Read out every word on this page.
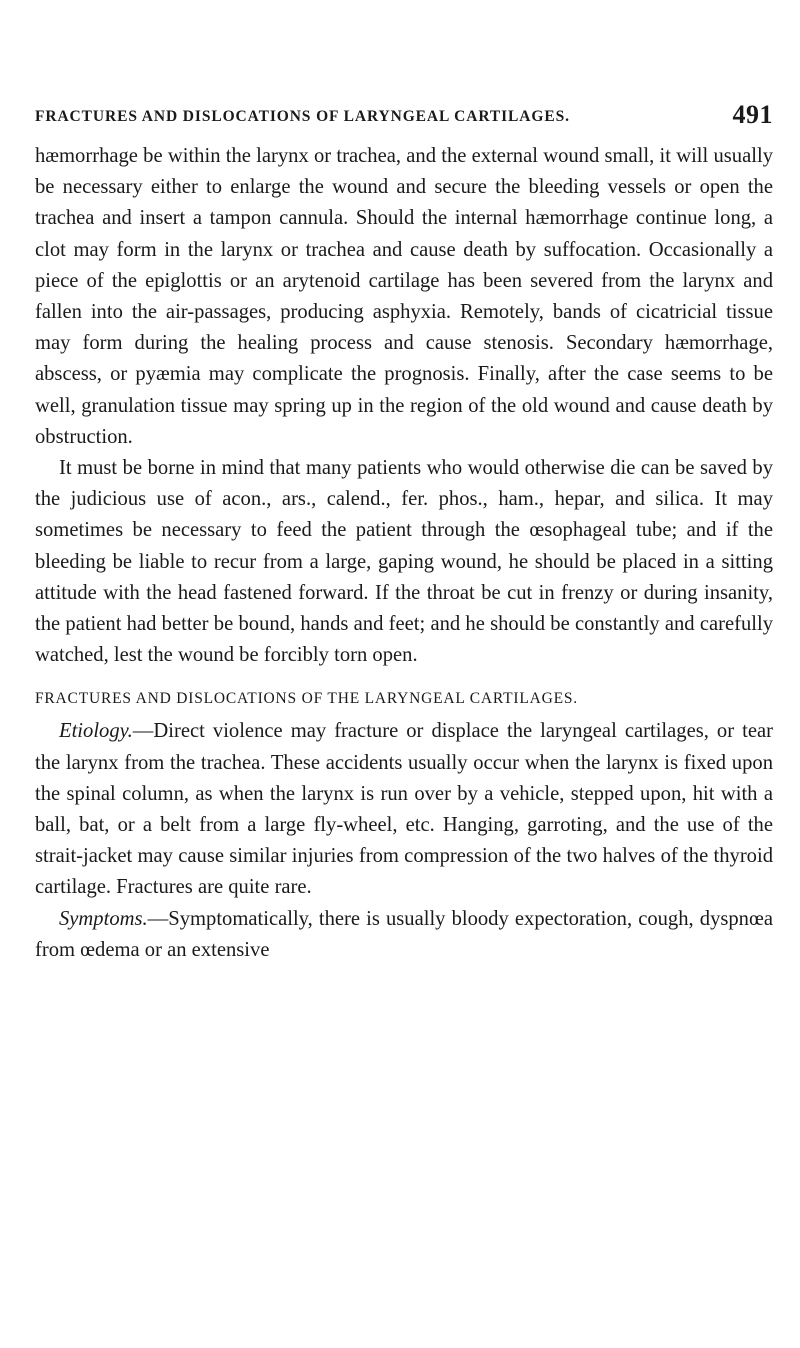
FRACTURES AND DISLOCATIONS OF LARYNGEAL CARTILAGES.	491

hæmorrhage be within the larynx or trachea, and the external wound small, it will usually be necessary either to enlarge the wound and secure the bleeding vessels or open the trachea and insert a tampon cannula. Should the internal hæmorrhage continue long, a clot may form in the larynx or trachea and cause death by suffocation. Occasionally a piece of the epiglottis or an arytenoid cartilage has been severed from the larynx and fallen into the air-passages, producing asphyxia. Remotely, bands of cicatricial tissue may form during the healing process and cause stenosis. Secondary hæmorrhage, abscess, or pyæmia may complicate the prognosis. Finally, after the case seems to be well, granulation tissue may spring up in the region of the old wound and cause death by obstruction.

It must be borne in mind that many patients who would otherwise die can be saved by the judicious use of acon., ars., calend., fer. phos., ham., hepar, and silica. It may sometimes be necessary to feed the patient through the œsophageal tube; and if the bleeding be liable to recur from a large, gaping wound, he should be placed in a sitting attitude with the head fastened forward. If the throat be cut in frenzy or during insanity, the patient had better be bound, hands and feet; and he should be constantly and carefully watched, lest the wound be forcibly torn open.

FRACTURES AND DISLOCATIONS OF THE LARYNGEAL CARTILAGES.

Etiology.—Direct violence may fracture or displace the laryngeal cartilages, or tear the larynx from the trachea. These accidents usually occur when the larynx is fixed upon the spinal column, as when the larynx is run over by a vehicle, stepped upon, hit with a ball, bat, or a belt from a large fly-wheel, etc. Hanging, garroting, and the use of the strait-jacket may cause similar injuries from compression of the two halves of the thyroid cartilage. Fractures are quite rare.

Symptoms.—Symptomatically, there is usually bloody expectoration, cough, dyspnœa from œdema or an extensive
